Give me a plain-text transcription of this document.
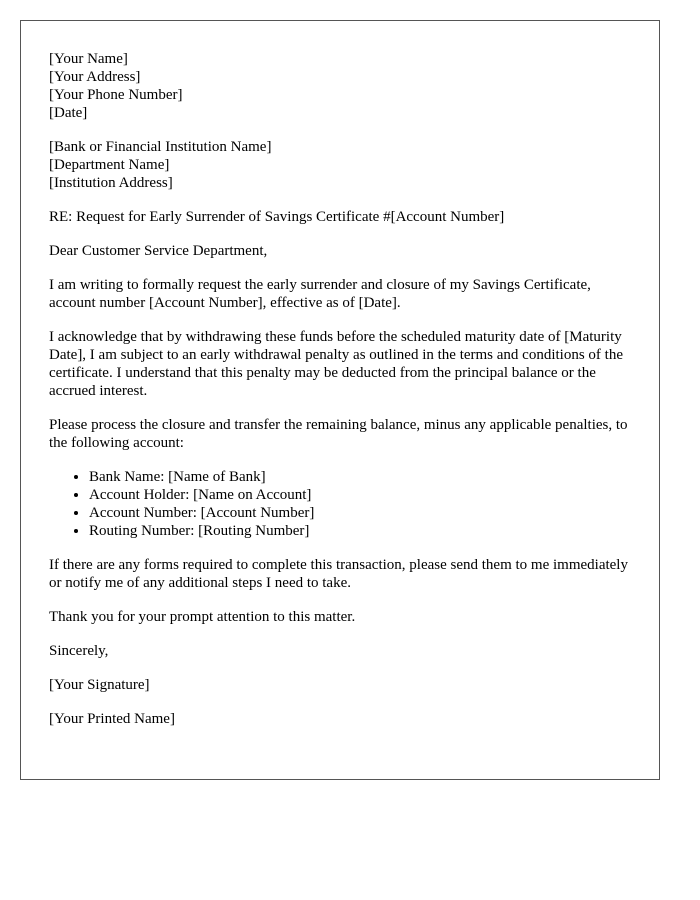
[Your Name]
[Your Address]
[Your Phone Number]
[Date]
[Bank or Financial Institution Name]
[Department Name]
[Institution Address]

RE: Request for Early Surrender of Savings Certificate #[Account Number]

Dear Customer Service Department,

I am writing to formally request the early surrender and closure of my Savings Certificate, account number [Account Number], effective as of [Date].

I acknowledge that by withdrawing these funds before the scheduled maturity date of [Maturity Date], I am subject to an early withdrawal penalty as outlined in the terms and conditions of the certificate. I understand that this penalty may be deducted from the principal balance or the accrued interest.

Please process the closure and transfer the remaining balance, minus any applicable penalties, to the following account:

• Bank Name: [Name of Bank]
• Account Holder: [Name on Account]
• Account Number: [Account Number]
• Routing Number: [Routing Number]

If there are any forms required to complete this transaction, please send them to me immediately or notify me of any additional steps I need to take.

Thank you for your prompt attention to this matter.

Sincerely,

[Your Signature]

[Your Printed Name]
